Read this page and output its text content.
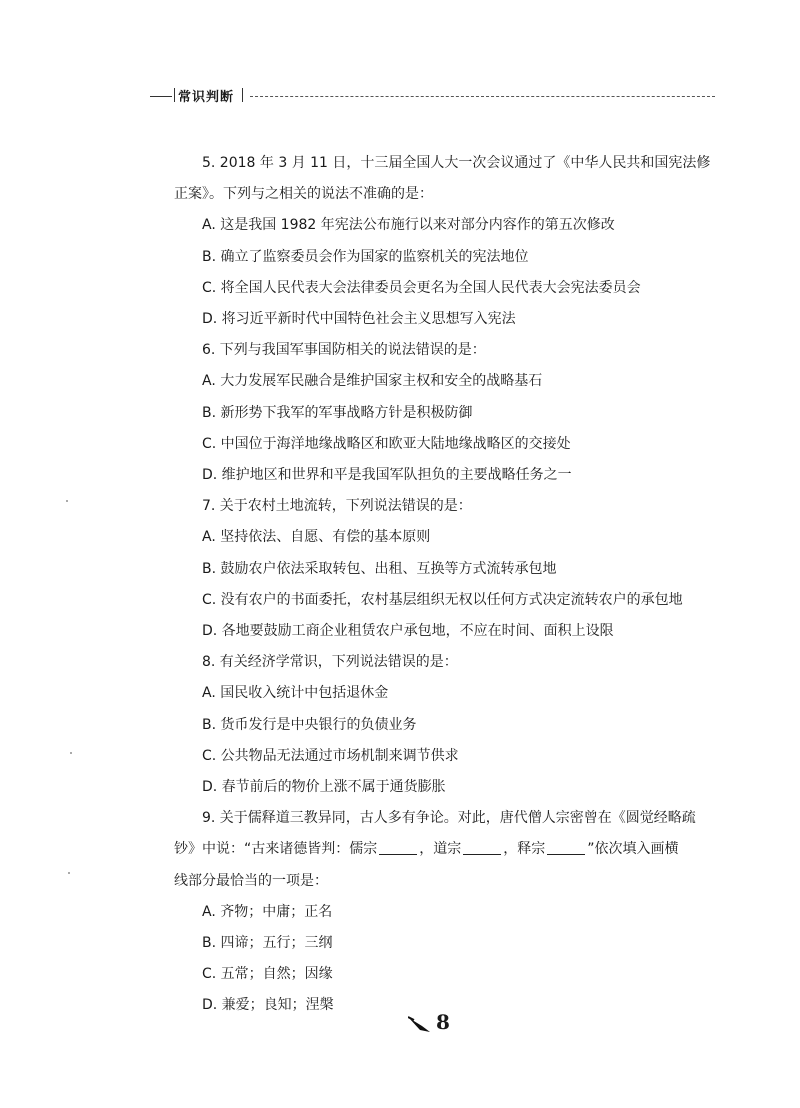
常识判断
5. 2018 年 3 月 11 日，十三届全国人大一次会议通过了《中华人民共和国宪法修
正案》。下列与之相关的说法不准确的是：
A. 这是我国 1982 年宪法公布施行以来对部分内容作的第五次修改
B. 确立了监察委员会作为国家的监察机关的宪法地位
C. 将全国人民代表大会法律委员会更名为全国人民代表大会宪法委员会
D. 将习近平新时代中国特色社会主义思想写入宪法
6. 下列与我国军事国防相关的说法错误的是：
A. 大力发展军民融合是维护国家主权和安全的战略基石
B. 新形势下我军的军事战略方针是积极防御
C. 中国位于海洋地缘战略区和欧亚大陆地缘战略区的交接处
D. 维护地区和世界和平是我国军队担负的主要战略任务之一
7. 关于农村土地流转，下列说法错误的是：
A. 坚持依法、自愿、有偿的基本原则
B. 鼓励农户依法采取转包、出租、互换等方式流转承包地
C. 没有农户的书面委托，农村基层组织无权以任何方式决定流转农户的承包地
D. 各地要鼓励工商企业租赁农户承包地，不应在时间、面积上设限
8. 有关经济学常识，下列说法错误的是：
A. 国民收入统计中包括退休金
B. 货币发行是中央银行的负债业务
C. 公共物品无法通过市场机制来调节供求
D. 春节前后的物价上涨不属于通货膨胀
9. 关于儒释道三教异同，古人多有争论。对此，唐代僧人宗密曾在《圆觉经略疏
钞》中说：“古来诸德皆判：儒宗	，道宗	，释宗	”依次填入画横
线部分最恰当的一项是：
A. 齐物；中庸；正名
B. 四谛；五行；三纲
C. 五常；自然；因缘
D. 兼爱；良知；涅槃
8
